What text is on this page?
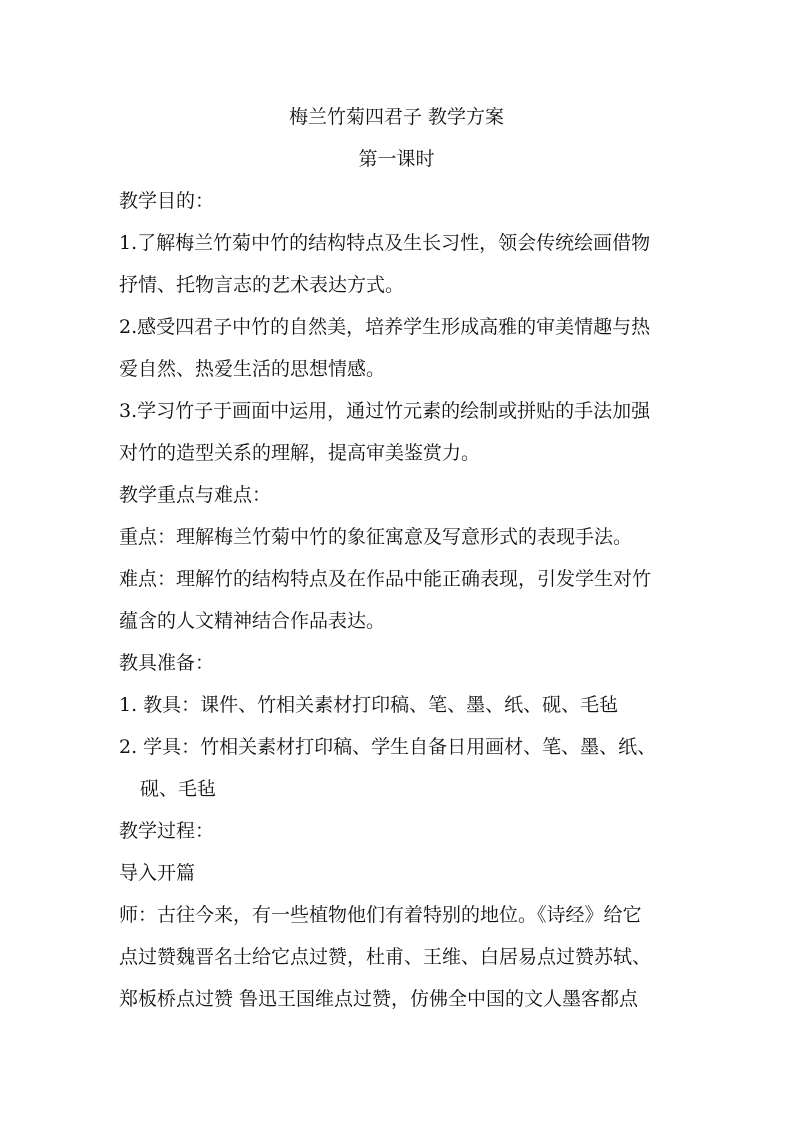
梅兰竹菊四君子 教学方案
第一课时
教学目的：
1.了解梅兰竹菊中竹的结构特点及生长习性，领会传统绘画借物
抒情、托物言志的艺术表达方式。
2.感受四君子中竹的自然美，培养学生形成高雅的审美情趣与热
爱自然、热爱生活的思想情感。
3.学习竹子于画面中运用，通过竹元素的绘制或拼贴的手法加强
对竹的造型关系的理解，提高审美鉴赏力。
教学重点与难点：
重点：理解梅兰竹菊中竹的象征寓意及写意形式的表现手法。
难点：理解竹的结构特点及在作品中能正确表现，引发学生对竹
蕴含的人文精神结合作品表达。
教具准备：
1. 教具：课件、竹相关素材打印稿、笔、墨、纸、砚、毛毡
2. 学具：竹相关素材打印稿、学生自备日用画材、笔、墨、纸、
砚、毛毡
教学过程：
导入开篇
师：古往今来，有一些植物他们有着特别的地位。《诗经》给它
点过赞魏晋名士给它点过赞，杜甫、王维、白居易点过赞苏轼、
郑板桥点过赞 鲁迅王国维点过赞，仿佛全中国的文人墨客都点
